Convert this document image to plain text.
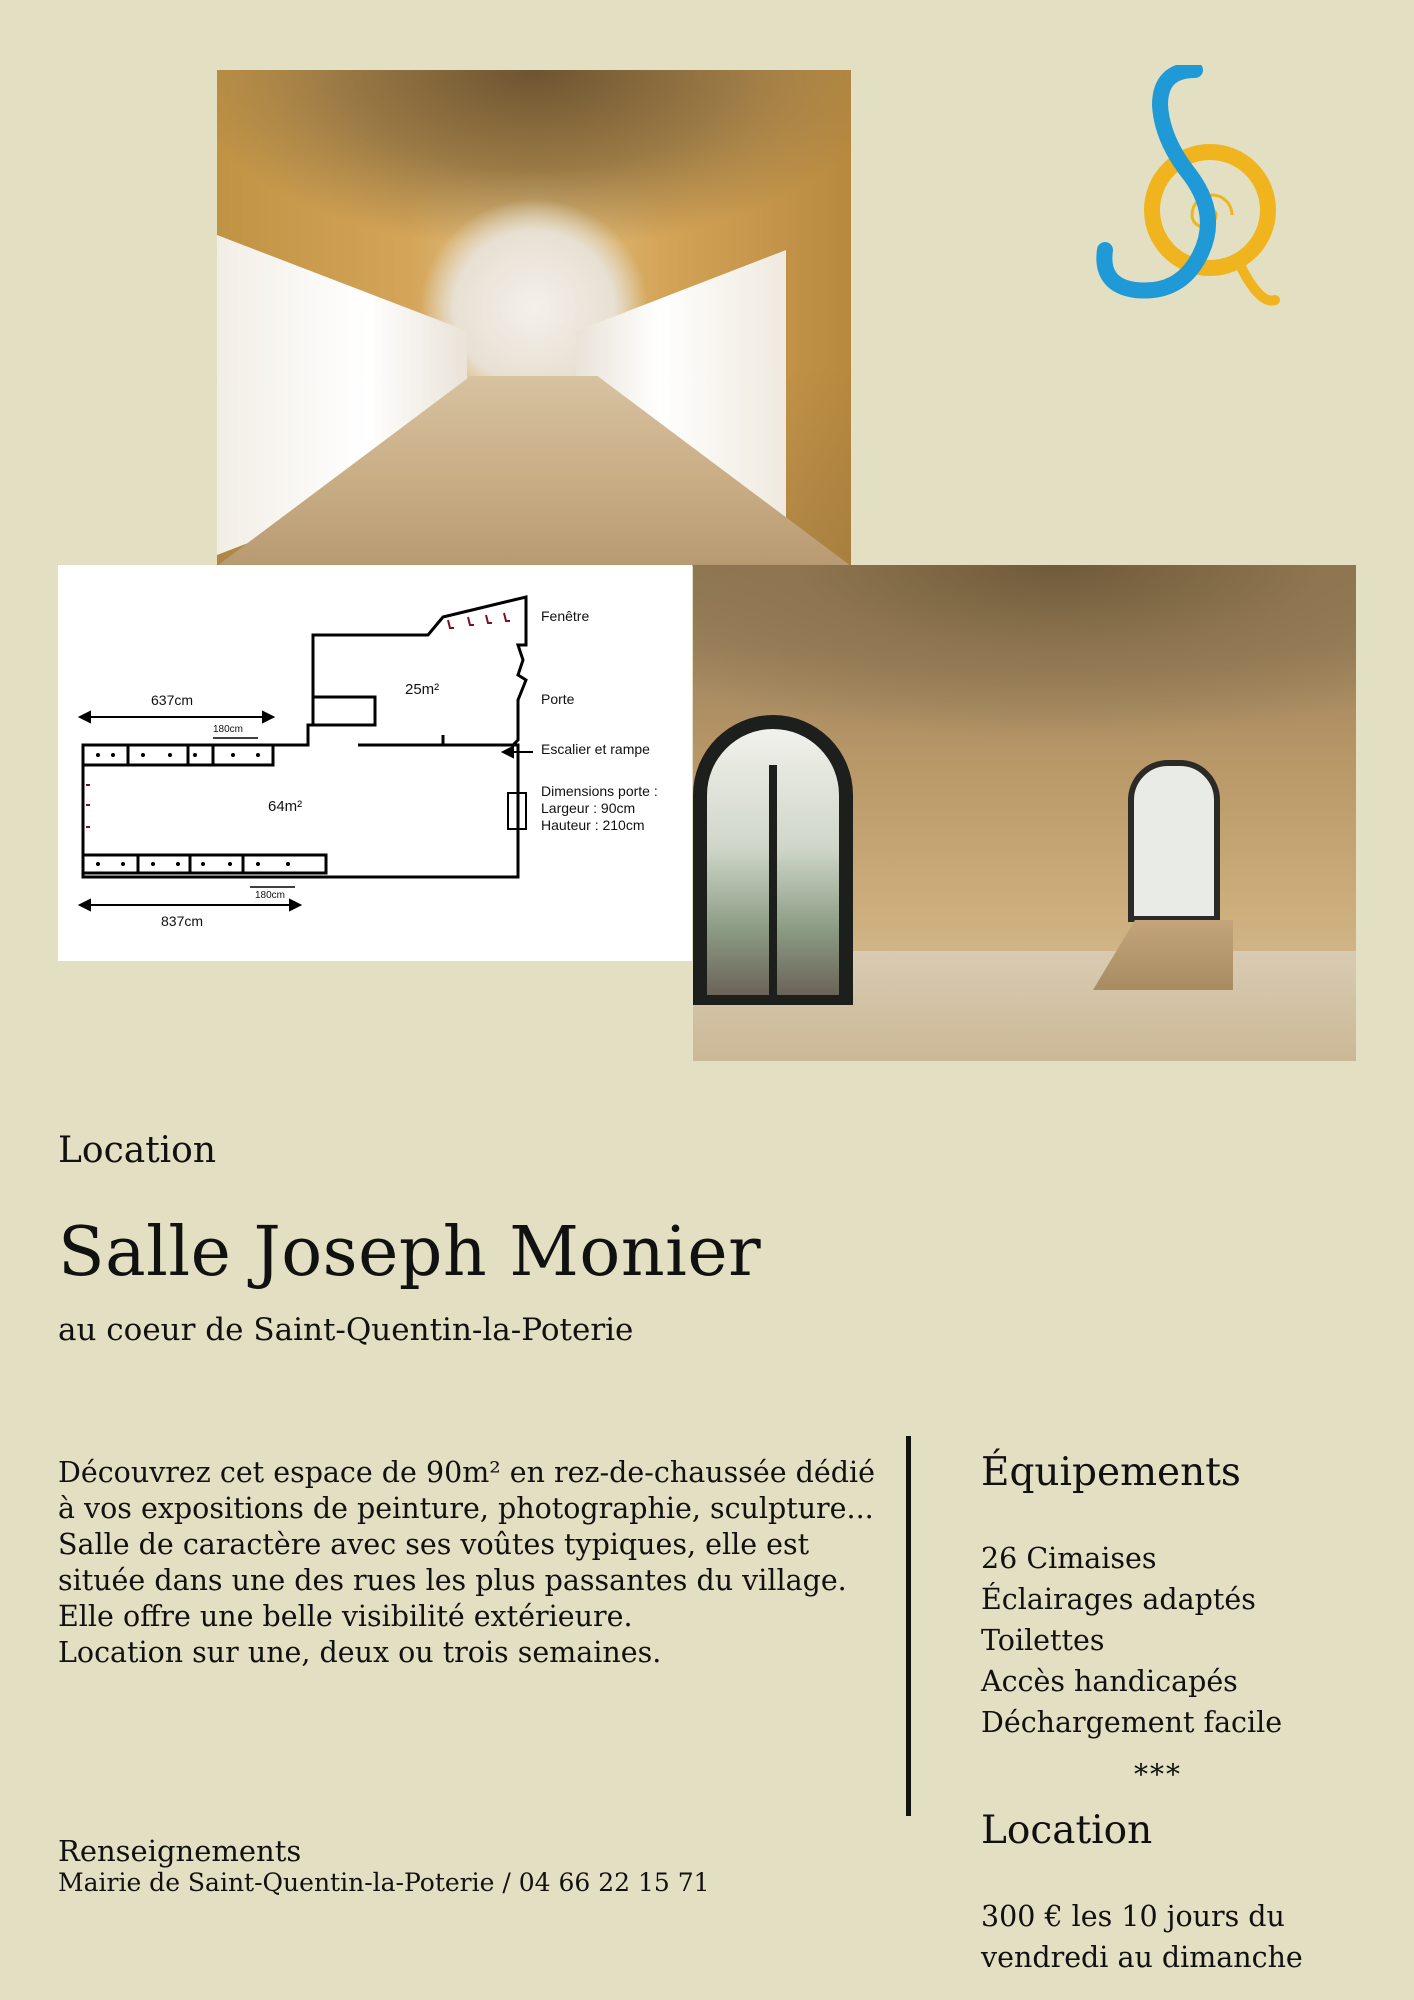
637cm
180cm
837cm
180cm
64m²
25m²
Fenêtre
Porte
Escalier et rampe
Dimensions porte :
Largeur : 90cm
Hauteur : 210cm
Location
Salle Joseph Monier
au coeur de Saint-Quentin-la-Poterie
Découvrez cet espace de 90m² en rez-de-chaussée dédié
à vos expositions de peinture, photographie, sculpture...
Salle de caractère avec ses voûtes typiques, elle est
située dans une des rues les plus passantes du village.
Elle offre une belle visibilité extérieure.
Location sur une, deux ou trois semaines.
Équipements
26 Cimaises
Éclairages adaptés
Toilettes
Accès handicapés
Déchargement facile
***
Location
300 € les 10 jours du
vendredi au dimanche
Renseignements
Mairie de Saint-Quentin-la-Poterie / 04 66 22 15 71
